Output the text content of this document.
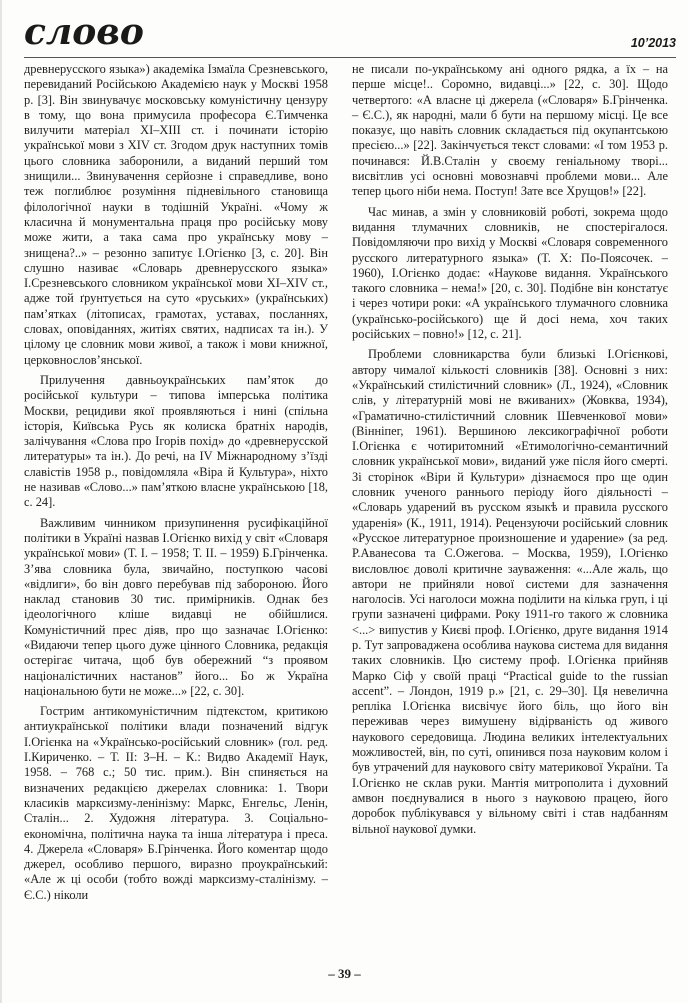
слово	10’2013

древнерусского языка») академіка Ізмаїла Срезневського, перевиданий Російською Академією наук у Москві 1958 р. [3]. Він звинувачує московську комуністичну цензуру в тому, що вона примусила професора Є.Тимченка вилучити матеріал XI–XIII ст. і починати історію української мови з XIV ст. Згодом друк наступних томів цього словника заборонили, а виданий перший том знищили... Звинувачення серйозне і справедливе, воно теж поглиблює розуміння підневільного становища філологічної науки в тодішній Україні. «Чому ж класична й монументальна праця про російську мову може жити, а така сама про українську мову – знищена?..» – резонно запитує І.Огієнко [3, с. 20]. Він слушно називає «Словарь древнерусского языка» І.Срезневського словником української мови XI–XIV ст., адже той ґрунтується на суто «руських» (українських) пам’ятках (літописах, грамотах, уставах, посланнях, словах, оповіданнях, житіях святих, надписах та ін.). У цілому це словник мови живої, а також і мови книжної, церковнослов’янської.

Прилучення давньоукраїнських пам’яток до російської культури – типова імперська політика Москви, рецидиви якої проявляються і нині (спільна історія, Київська Русь як колиска братніх народів, залічування «Слова про Ігорів похід» до «древнерусской литературы» та ін.). До речі, на IV Міжнародному з’їзді славістів 1958 р., повідомляла «Віра й Культура», ніхто не називав «Слово...» пам’яткою власне українською [18, с. 24].

Важливим чинником призупинення русифікаційної політики в Україні назвав І.Огієнко вихід у світ «Словаря української мови» (Т. І. – 1958; Т. ІІ. – 1959) Б.Грінченка. З’ява словника була, звичайно, поступкою часові «відлиги», бо він довго перебував під забороною. Його наклад становив 30 тис. примірників. Однак без ідеологічного кліше видавці не обійшлися. Комуністичний прес діяв, про що зазначає І.Огієнко: «Видаючи тепер цього дуже цінного Словника, редакція остерігає читача, щоб був обережний “з проявом націоналістичних настанов” його... Бо ж Україна національною бути не може...» [22, с. 30].

Гострим антикомуністичним підтекстом, критикою антиукраїнської політики влади позначений відгук І.Огієнка на «Українсько-російський словник» (гол. ред. І.Кириченко. – Т. ІІ: З–Н. – К.: Видво Академії Наук, 1958. – 768 с.; 50 тис. прим.). Він спиняється на визначених редакцією джерелах словника: 1. Твори класиків марксизму-ленінізму: Маркс, Енгельс, Ленін, Сталін... 2. Художня література. 3. Соціально-економічна, політична наука та інша література і преса. 4. Джерела «Словаря» Б.Грінченка. Його коментар щодо джерел, особливо першого, виразно проукраїнський: «Але ж ці особи (тобто вожді марксизму-сталінізму. – Є.С.) ніколи

не писали по-українському ані одного рядка, а їх – на перше місце!.. Соромно, видавці...» [22, с. 30]. Щодо четвертого: «А власне ці джерела («Словаря» Б.Грінченка. – Є.С.), як народні, мали б бути на першому місці. Це все показує, що навіть словник складається під окупантською пресією...» [22]. Закінчується текст словами: «І том 1953 р. починався: Й.В.Сталін у своєму геніальному творі... висвітлив усі основні мовознавчі проблеми мови... Але тепер цього ніби нема. Поступ! Зате все Хрущов!» [22].

Час минав, а змін у словниковій роботі, зокрема щодо видання тлумачних словників, не спостерігалося. Повідомляючи про вихід у Москві «Словаря современного русского литературного языка» (Т. Х: По-Поясочек. – 1960), І.Огієнко додає: «Наукове видання. Українського такого словника – нема!» [20, с. 30]. Подібне він констатує і через чотири роки: «А українського тлумачного словника (українсько-російського) ще й досі нема, хоч таких російських – повно!» [12, с. 21].

Проблеми словникарства були близькі І.Огієнкові, автору чималої кількості словників [38]. Основні з них: «Український стилістичний словник» (Л., 1924), «Словник слів, у літературній мові не вживаних» (Жовква, 1934), «Граматично-стилістичний словник Шевченкової мови» (Вінніпег, 1961). Вершиною лексикографічної роботи І.Огієнка є чотиритомний «Етимологічно-семантичний словник української мови», виданий уже після його смерті. Зі сторінок «Віри й Культури» дізнаємося про ще один словник ученого раннього періоду його діяльності – «Словарь ударений въ русском языкѣ и правила русского ударенія» (К., 1911, 1914). Рецензуючи російський словник «Русское литературное произношение и ударение» (за ред. Р.Аванесова та С.Ожегова. – Москва, 1959), І.Огієнко висловлює доволі критичне зауваження: «...Але жаль, що автори не прийняли нової системи для зазначення наголосів. Усі наголоси можна поділити на кілька груп, і ці групи зазначені цифрами. Року 1911-го такого ж словника <...> випустив у Києві проф. І.Огієнко, друге видання 1914 р. Тут запроваджена особлива наукова система для видання таких словників. Цю систему проф. І.Огієнка прийняв Марко Сіф у своїй праці “Practical guide to the russian accent”. – Лондон, 1919 р.» [21, с. 29–30]. Ця невелична репліка І.Огієнка висвічує його біль, що його він переживав через вимушену відірваність од живого наукового середовища. Людина великих інтелектуальних можливостей, він, по суті, опинився поза науковим колом і був утрачений для наукового світу материкової України. Та І.Огієнко не склав руки. Мантія митрополита і духовний амвон поєднувалися в нього з науковою працею, його доробок публікувався у вільному світі і став надбанням вільної наукової думки.

– 39 –
